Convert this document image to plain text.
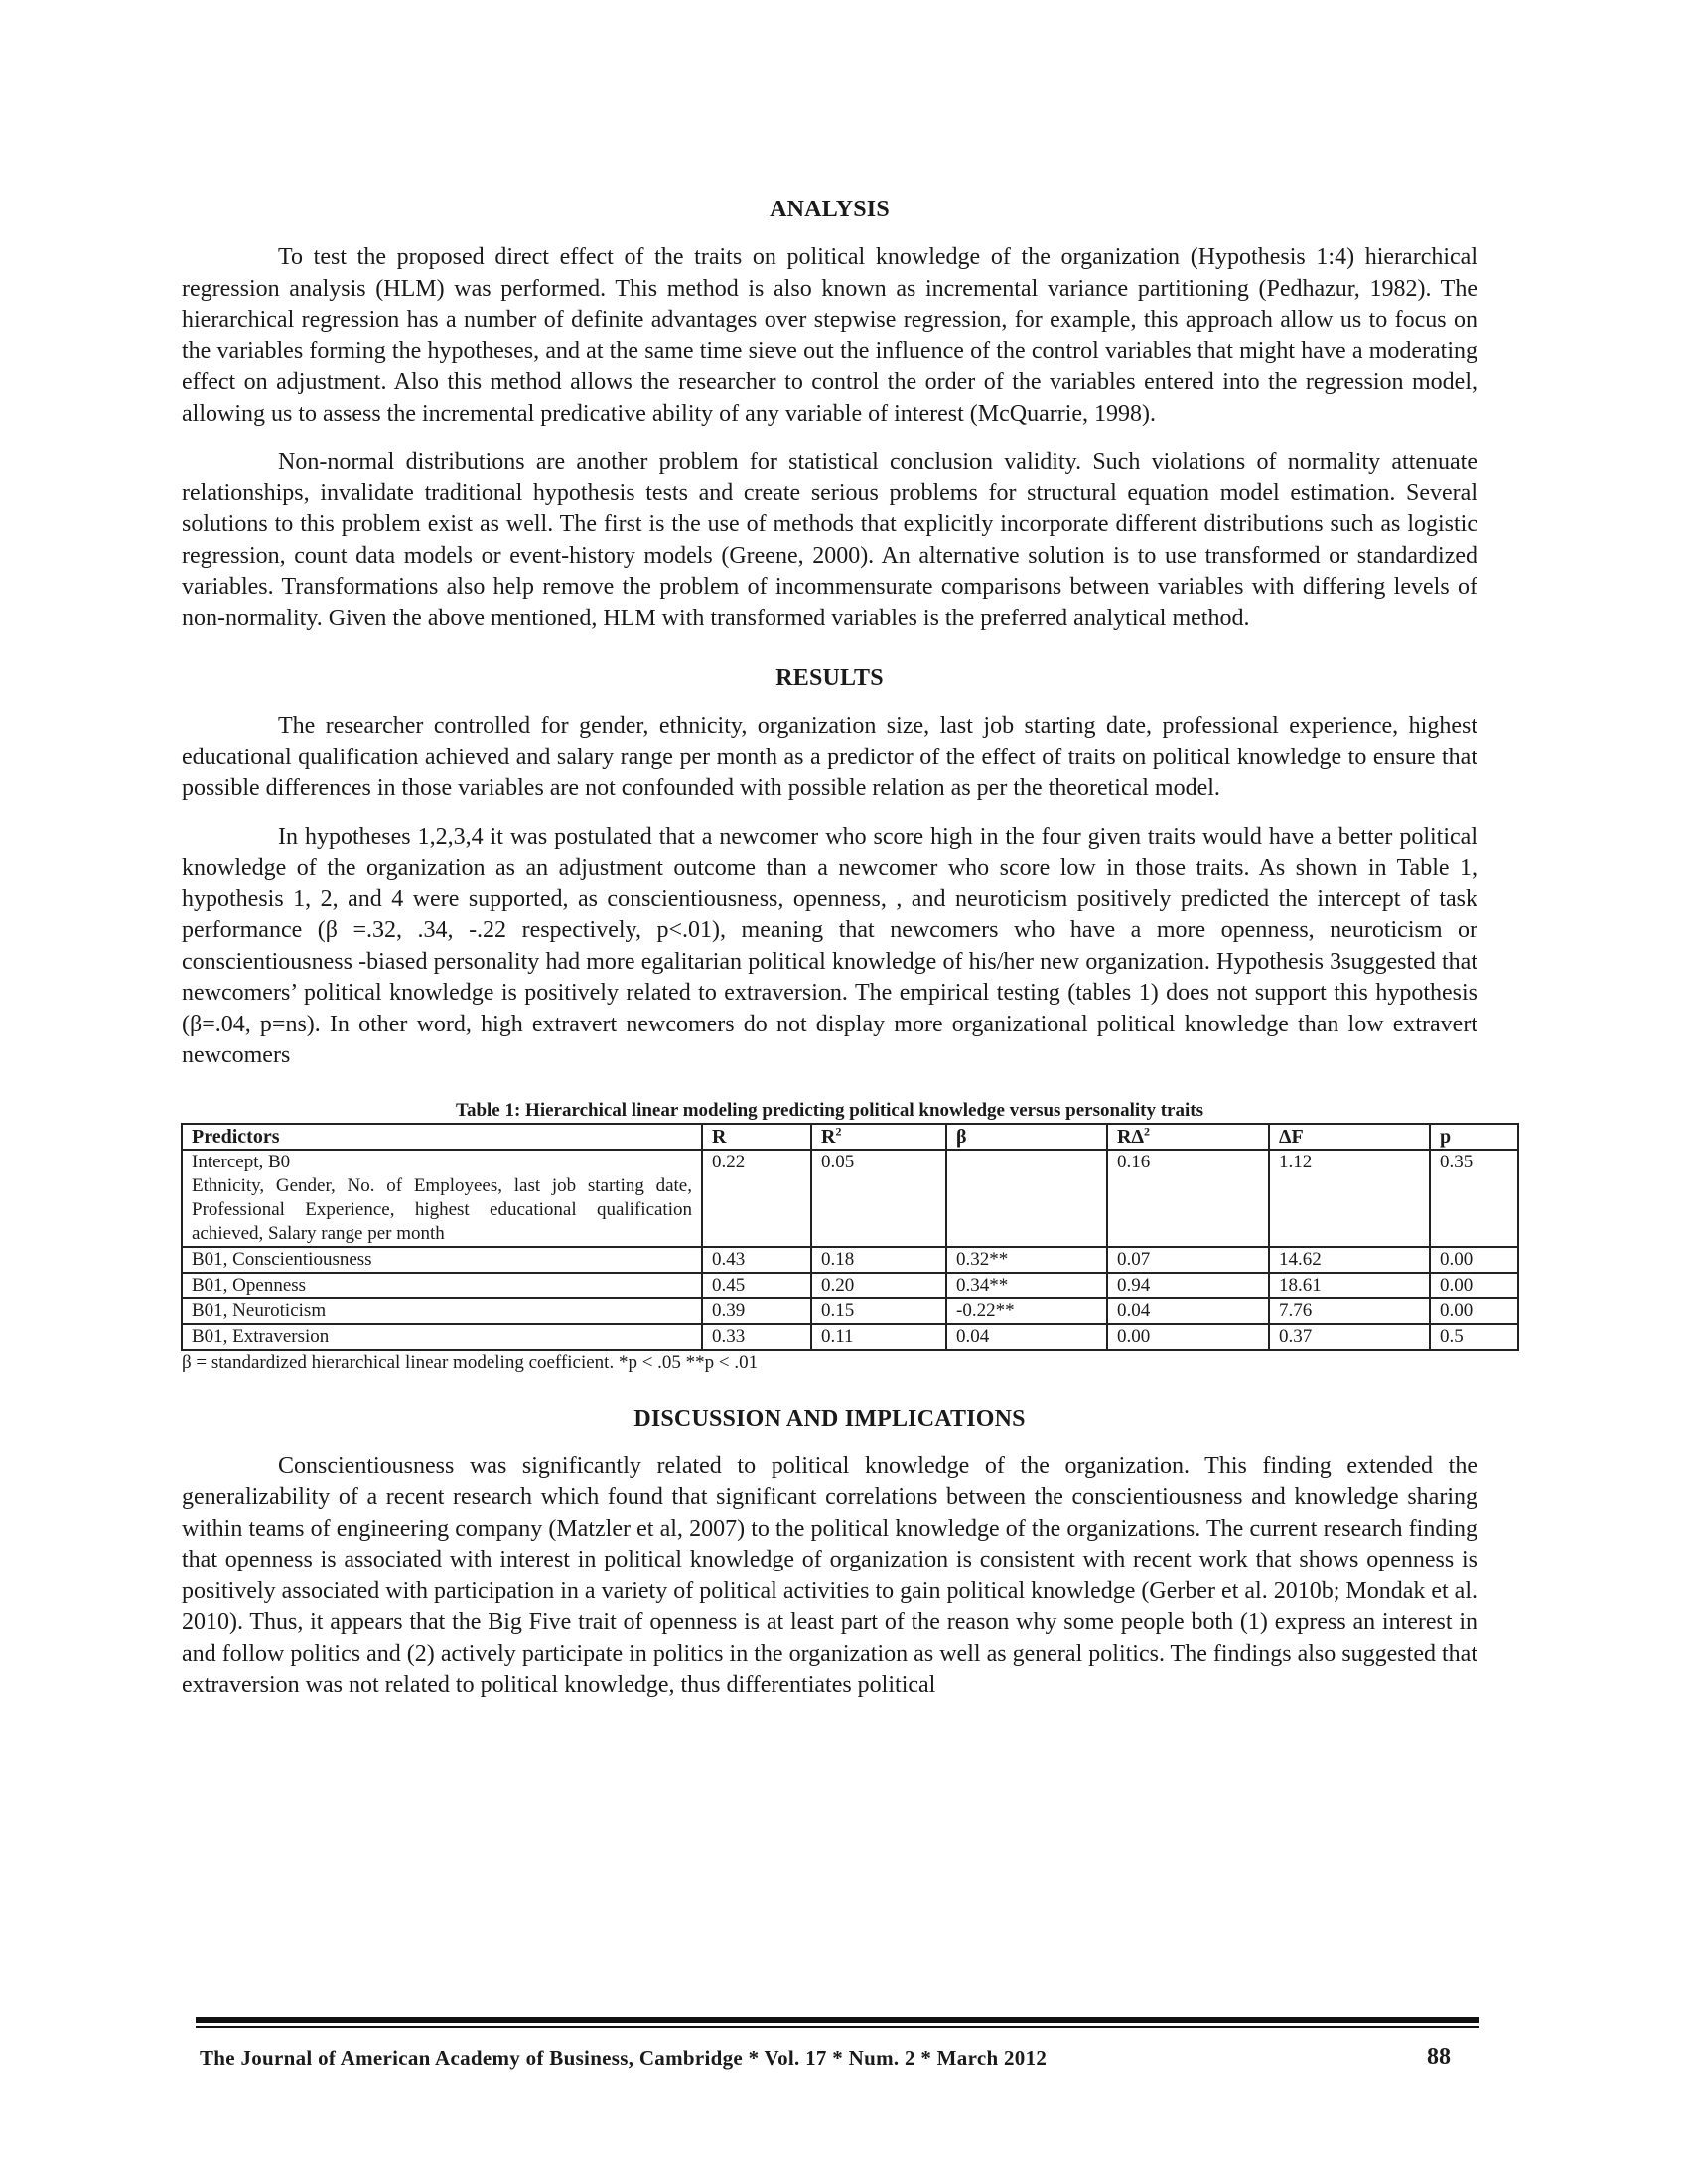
ANALYSIS

To test the proposed direct effect of the traits on political knowledge of the organization (Hypothesis 1:4) hierarchical regression analysis (HLM) was performed. This method is also known as incremental variance partitioning (Pedhazur, 1982). The hierarchical regression has a number of definite advantages over stepwise regression, for example, this approach allow us to focus on the variables forming the hypotheses, and at the same time sieve out the influence of the control variables that might have a moderating effect on adjustment. Also this method allows the researcher to control the order of the variables entered into the regression model, allowing us to assess the incremental predicative ability of any variable of interest (McQuarrie, 1998).

Non-normal distributions are another problem for statistical conclusion validity. Such violations of normality attenuate relationships, invalidate traditional hypothesis tests and create serious problems for structural equation model estimation. Several solutions to this problem exist as well. The first is the use of methods that explicitly incorporate different distributions such as logistic regression, count data models or event-history models (Greene, 2000). An alternative solution is to use transformed or standardized variables. Transformations also help remove the problem of incommensurate comparisons between variables with differing levels of non-normality. Given the above mentioned, HLM with transformed variables is the preferred analytical method.

RESULTS

The researcher controlled for gender, ethnicity, organization size, last job starting date, professional experience, highest educational qualification achieved and salary range per month as a predictor of the effect of traits on political knowledge to ensure that possible differences in those variables are not confounded with possible relation as per the theoretical model.

In hypotheses 1,2,3,4 it was postulated that a newcomer who score high in the four given traits would have a better political knowledge of the organization as an adjustment outcome than a newcomer who score low in those traits. As shown in Table 1, hypothesis 1, 2, and 4 were supported, as conscientiousness, openness, , and neuroticism positively predicted the intercept of task performance (β =.32, .34, -.22 respectively, p<.01), meaning that newcomers who have a more openness, neuroticism or conscientiousness -biased personality had more egalitarian political knowledge of his/her new organization. Hypothesis 3suggested that newcomers’ political knowledge is positively related to extraversion. The empirical testing (tables 1) does not support this hypothesis (β=.04, p=ns). In other word, high extravert newcomers do not display more organizational political knowledge than low extravert newcomers

Table 1: Hierarchical linear modeling predicting political knowledge versus personality traits
Predictors	R	$R^2$	β	$R\Delta^2$	ΔF	p

Intercept, B0
Ethnicity, Gender, No. of Employees, last job starting date, Professional Experience, highest educational qualification achieved, Salary range per month	0.22	0.05		0.16	1.12	0.35
B01, Conscientiousness	0.43	0.18	0.32**	0.07	14.62	0.00
B01, Openness	0.45	0.20	0.34**	0.94	18.61	0.00
B01, Neuroticism	0.39	0.15	-0.22**	0.04	7.76	0.00
B01, Extraversion	0.33	0.11	0.04	0.00	0.37	0.5
β = standardized hierarchical linear modeling coefficient. *p < .05 **p < .01
DISCUSSION AND IMPLICATIONS

Conscientiousness was significantly related to political knowledge of the organization. This finding extended the generalizability of a recent research which found that significant correlations between the conscientiousness and knowledge sharing within teams of engineering company (Matzler et al, 2007) to the political knowledge of the organizations. The current research finding that openness is associated with interest in political knowledge of organization is consistent with recent work that shows openness is positively associated with participation in a variety of political activities to gain political knowledge (Gerber et al. 2010b; Mondak et al. 2010). Thus, it appears that the Big Five trait of openness is at least part of the reason why some people both (1) express an interest in and follow politics and (2) actively participate in politics in the organization as well as general politics. The findings also suggested that extraversion was not related to political knowledge, thus differentiates political

The Journal of American Academy of Business, Cambridge * Vol. 17 * Num. 2 * March 2012	88
